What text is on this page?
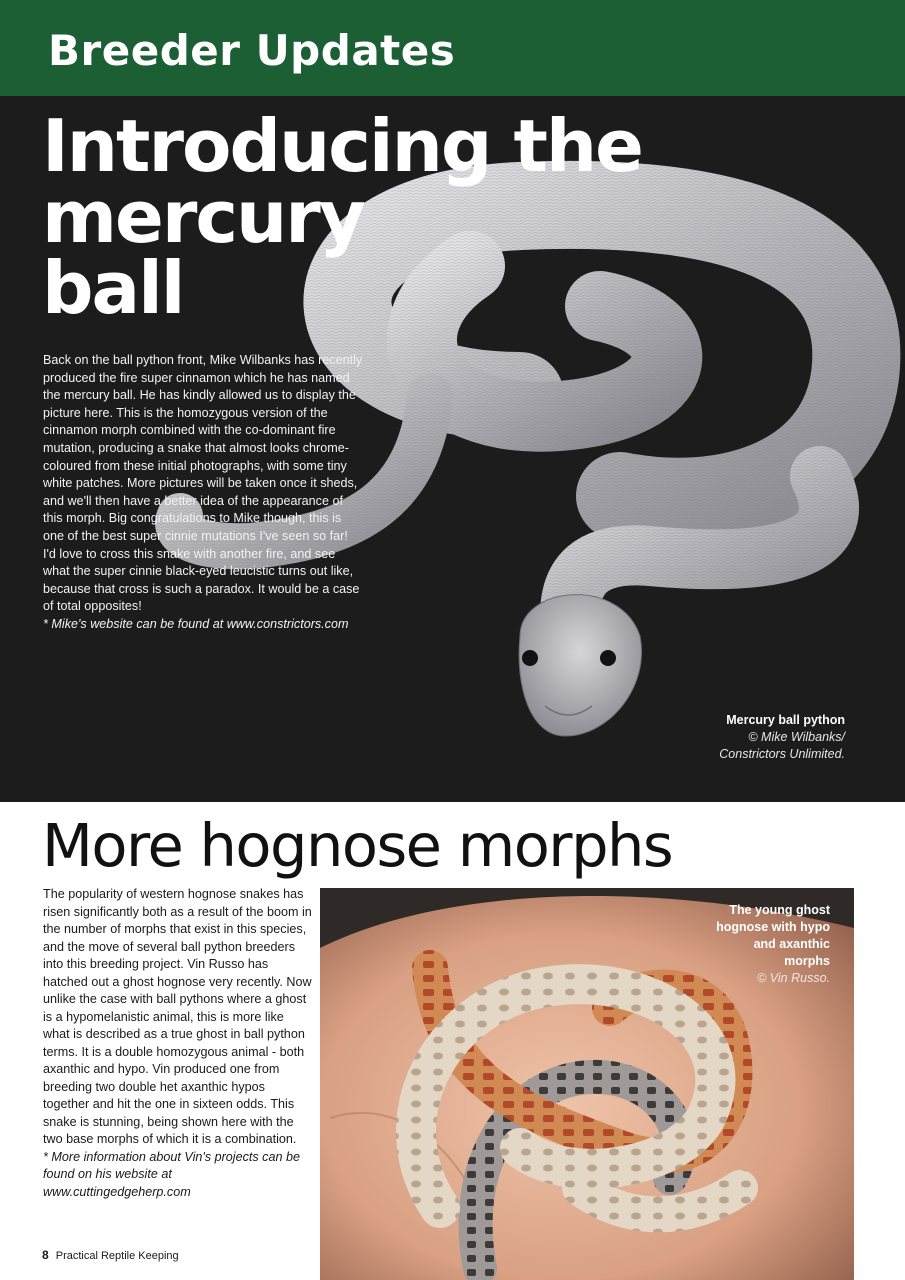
Breeder Updates
Introducing the
mercury
ball

Back on the ball python front, Mike Wilbanks has recently produced the fire super cinnamon which he has named the mercury ball. He has kindly allowed us to display the picture here. This is the homozygous version of the cinnamon morph combined with the co-dominant fire mutation, producing a snake that almost looks chrome-coloured from these initial photographs, with some tiny white patches. More pictures will be taken once it sheds, and we'll then have a better idea of the appearance of this morph. Big congratulations to Mike though, this is one of the best super cinnie mutations I've seen so far! I'd love to cross this snake with another fire, and see what the super cinnie black-eyed leucistic turns out like, because that cross is such a paradox. It would be a case of total opposites!

* Mike's website can be found at www.constrictors.com

Mercury ball python
© Mike Wilbanks/
Constrictors Unlimited.
More hognose morphs

The popularity of western hognose snakes has risen significantly both as a result of the boom in the number of morphs that exist in this species, and the move of several ball python breeders into this breeding project. Vin Russo has hatched out a ghost hognose very recently. Now unlike the case with ball pythons where a ghost is a hypomelanistic animal, this is more like what is described as a true ghost in ball python terms. It is a double homozygous animal - both axanthic and hypo. Vin produced one from breeding two double het axanthic hypos together and hit the one in sixteen odds. This snake is stunning, being shown here with the two base morphs of which it is a combination.

* More information about Vin's projects can be found on his website at www.cuttingedgeherp.com

The young ghost hognose with hypo and axanthic morphs
© Vin Russo.
8 Practical Reptile Keeping
